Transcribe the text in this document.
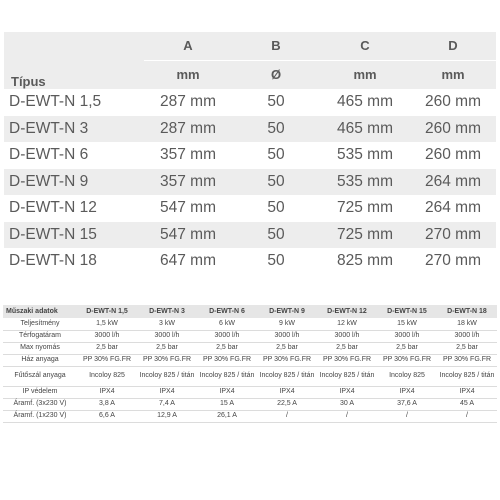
Típus	A	B	C	D
	mm	Ø	mm	mm
D-EWT-N 1,5	287 mm	50	465 mm	260 mm
D-EWT-N 3	287 mm	50	465 mm	260 mm
D-EWT-N 6	357 mm	50	535 mm	260 mm
D-EWT-N 9	357 mm	50	535 mm	264 mm
D-EWT-N 12	547 mm	50	725 mm	264 mm
D-EWT-N 15	547 mm	50	725 mm	270 mm
D-EWT-N 18	647 mm	50	825 mm	270 mm
Műszaki adatok	D-EWT-N 1,5	D-EWT-N 3	D-EWT-N 6	D-EWT-N 9	D-EWT-N 12	D-EWT-N 15	D-EWT-N 18
Teljesítmény	1,5 kW	3 kW	6 kW	9 kW	12 kW	15 kW	18 kW
Térfogatáram	3000 l/h	3000 l/h	3000 l/h	3000 l/h	3000 l/h	3000 l/h	3000 l/h
Max nyomás	2,5 bar	2,5 bar	2,5 bar	2,5 bar	2,5 bar	2,5 bar	2,5 bar
Ház anyaga	PP 30% FG.FR	PP 30% FG.FR	PP 30% FG.FR	PP 30% FG.FR	PP 30% FG.FR	PP 30% FG.FR	PP 30% FG.FR
Fűtőszál anyaga	Incoloy 825	Incoloy 825 / titán	Incoloy 825 / titán	Incoloy 825 / titán	Incoloy 825 / titán	Incoloy 825	Incoloy 825 / titán
IP védelem	IPX4	IPX4	IPX4	IPX4	IPX4	IPX4	IPX4
Áramf. (3x230 V)	3,8 A	7,4 A	15 A	22,5 A	30 A	37,6 A	45 A
Áramf. (1x230 V)	6,6 A	12,9 A	26,1 A	/	/	/	/
